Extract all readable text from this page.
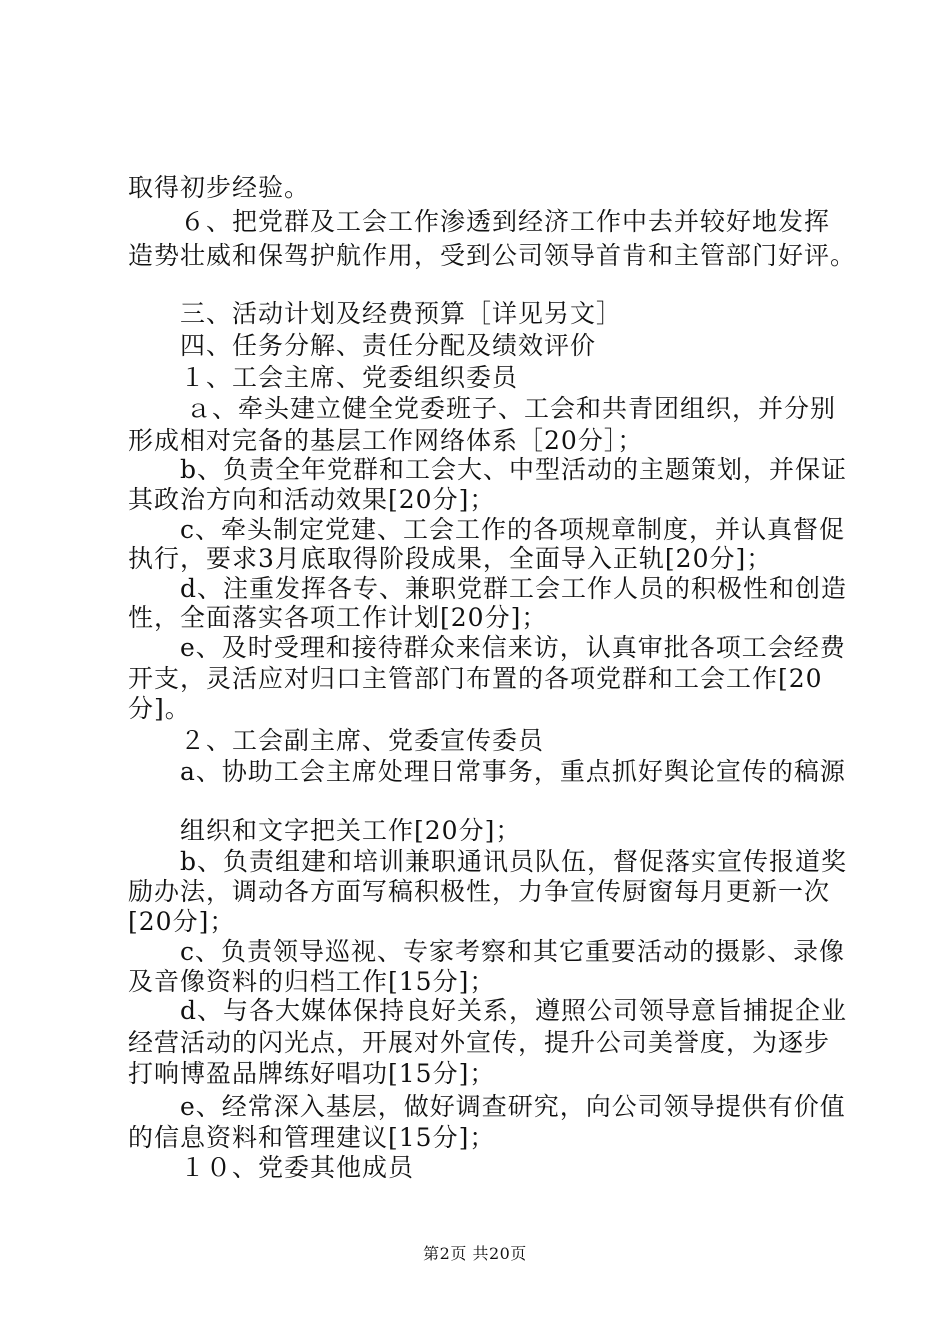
取得初步经验。
６、把党群及工会工作渗透到经济工作中去并较好地发挥
造势壮威和保驾护航作用，受到公司领导首肯和主管部门好评。
三、活动计划及经费预算［详见另文］
四、任务分解、责任分配及绩效评价
１、工会主席、党委组织委员
ａ、牵头建立健全党委班子、工会和共青团组织，并分别
形成相对完备的基层工作网络体系［20分］；
b、负责全年党群和工会大、中型活动的主题策划，并保证
其政治方向和活动效果[20分]；
c、牵头制定党建、工会工作的各项规章制度，并认真督促
执行，要求3月底取得阶段成果，全面导入正轨[20分]；
d、注重发挥各专、兼职党群工会工作人员的积极性和创造
性，全面落实各项工作计划[20分]；
e、及时受理和接待群众来信来访，认真审批各项工会经费
开支，灵活应对归口主管部门布置的各项党群和工会工作[20
分]。
２、工会副主席、党委宣传委员
a、协助工会主席处理日常事务，重点抓好舆论宣传的稿源
组织和文字把关工作[20分]；
b、负责组建和培训兼职通讯员队伍，督促落实宣传报道奖
励办法，调动各方面写稿积极性，力争宣传厨窗每月更新一次
[20分]；
c、负责领导巡视、专家考察和其它重要活动的摄影、录像
及音像资料的归档工作[15分]；
d、与各大媒体保持良好关系，遵照公司领导意旨捕捉企业
经营活动的闪光点，开展对外宣传，提升公司美誉度，为逐步
打响博盈品牌练好唱功[15分]；
e、经常深入基层，做好调查研究，向公司领导提供有价值
的信息资料和管理建议[15分]；
１０、党委其他成员
第2页 共20页
